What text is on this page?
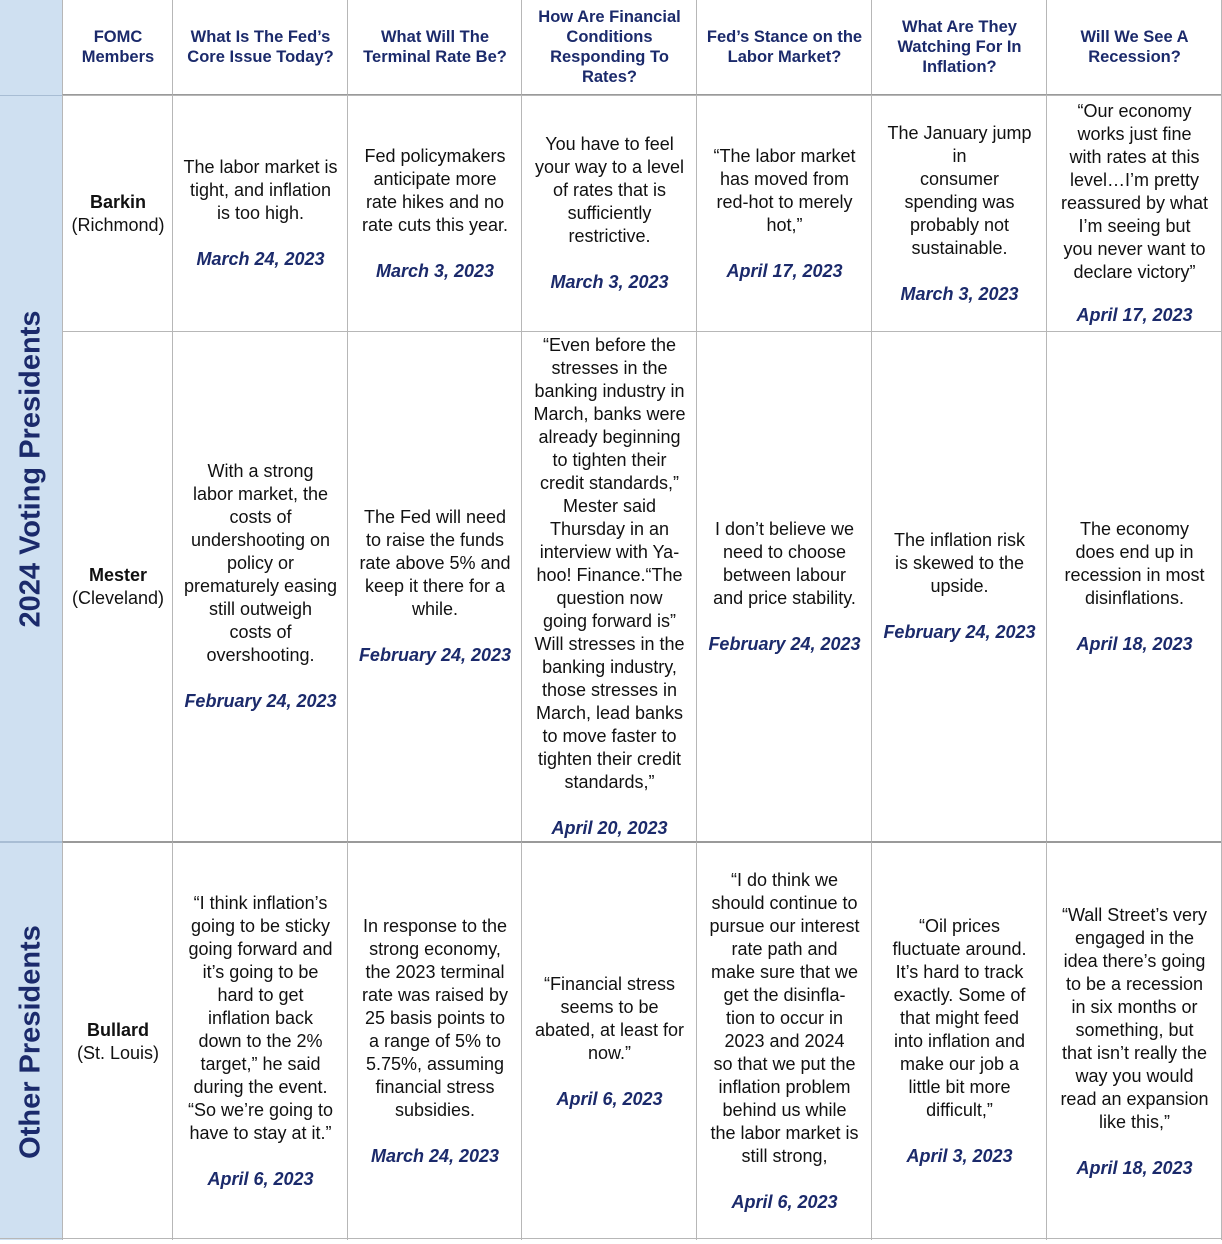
FOMC
Members
What Is The Fed’s
Core Issue Today?
What Will The
Terminal Rate Be?
How Are Financial
Conditions
Responding To
Rates?
Fed’s Stance on the
Labor Market?
What Are They
Watching For In
Inflation?
Will We See A
Recession?
2024 Voting Presidents
Other Presidents
Barkin
(Richmond)
The labor market is
tight, and inflation
is too high.
March 24, 2023
Fed policymakers
anticipate more
rate hikes and no
rate cuts this year.
March 3, 2023
You have to feel
your way to a level
of rates that is
sufficiently
restrictive.
March 3, 2023
“The labor market
has moved from
red-hot to merely
hot,”
April 17, 2023
The January jump
in
consumer
spending was
probably not
sustainable.
March 3, 2023
“Our economy
works just fine
with rates at this
level…I’m pretty
reassured by what
I’m seeing but
you never want to
declare victory”
April 17, 2023
Mester
(Cleveland)
With a strong
labor market, the
costs of
undershooting on
policy or
prematurely easing
still outweigh
costs of
overshooting.
February 24, 2023
The Fed will need
to raise the funds
rate above 5% and
keep it there for a
while.
February 24, 2023
“Even before the
stresses in the
banking industry in
March, banks were
already beginning
to tighten their
credit standards,”
Mester said
Thursday in an
interview with Ya-
hoo! Finance.“The
question now
going forward is”
Will stresses in the
banking industry,
those stresses in
March, lead banks
to move faster to
tighten their credit
standards,”
April 20, 2023
I don’t believe we
need to choose
between labour
and price stability.
February 24, 2023
The inflation risk
is skewed to the
upside.
February 24, 2023
The economy
does end up in
recession in most
disinflations.
April 18, 2023
Bullard
(St. Louis)
“I think inflation’s
going to be sticky
going forward and
it’s going to be
hard to get
inflation back
down to the 2%
target,” he said
during the event.
“So we’re going to
have to stay at it.”
April 6, 2023
In response to the
strong economy,
the 2023 terminal
rate was raised by
25 basis points to
a range of 5% to
5.75%, assuming
financial stress
subsidies.
March 24, 2023
“Financial stress
seems to be
abated, at least for
now.”
April 6, 2023
“I do think we
should continue to
pursue our interest
rate path and
make sure that we
get the disinfla-
tion to occur in
2023 and 2024
so that we put the
inflation problem
behind us while
the labor market is
still strong,
April 6, 2023
“Oil prices
fluctuate around.
It’s hard to track
exactly. Some of
that might feed
into inflation and
make our job a
little bit more
difficult,”
April 3, 2023
“Wall Street’s very
engaged in the
idea there’s going
to be a recession
in six months or
something, but
that isn’t really the
way you would
read an expansion
like this,”
April 18, 2023
